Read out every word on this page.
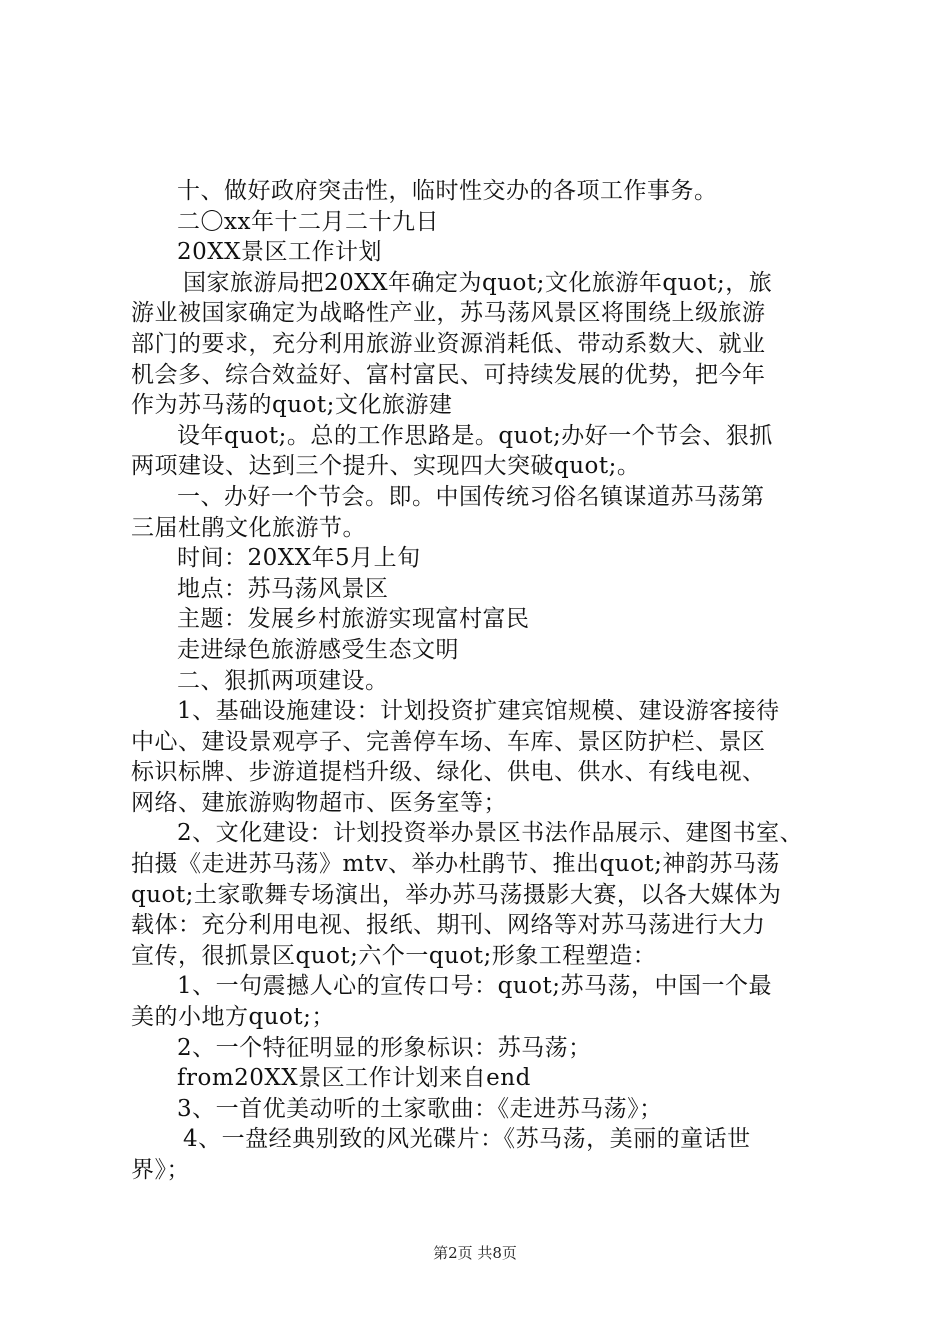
十、做好政府突击性，临时性交办的各项工作事务。
二〇xx年十二月二十九日
20XX景区工作计划
国家旅游局把20XX年确定为quot;文化旅游年quot;，旅
游业被国家确定为战略性产业，苏马荡风景区将围绕上级旅游
部门的要求，充分利用旅游业资源消耗低、带动系数大、就业
机会多、综合效益好、富村富民、可持续发展的优势，把今年
作为苏马荡的quot;文化旅游建
设年quot;。总的工作思路是。quot;办好一个节会、狠抓
两项建设、达到三个提升、实现四大突破quot;。
一、办好一个节会。即。中国传统习俗名镇谋道苏马荡第
三届杜鹃文化旅游节。
时间：20XX年5月上旬
地点：苏马荡风景区
主题：发展乡村旅游实现富村富民
走进绿色旅游感受生态文明
二、狠抓两项建设。
1、基础设施建设：计划投资扩建宾馆规模、建设游客接待
中心、建设景观亭子、完善停车场、车库、景区防护栏、景区
标识标牌、步游道提档升级、绿化、供电、供水、有线电视、
网络、建旅游购物超市、医务室等；
2、文化建设：计划投资举办景区书法作品展示、建图书室、
拍摄《走进苏马荡》mtv、举办杜鹃节、推出quot;神韵苏马荡
quot;土家歌舞专场演出，举办苏马荡摄影大赛，以各大媒体为
载体：充分利用电视、报纸、期刊、网络等对苏马荡进行大力
宣传，很抓景区quot;六个一quot;形象工程塑造：
1、一句震撼人心的宣传口号：quot;苏马荡，中国一个最
美的小地方quot;；
2、一个特征明显的形象标识：苏马荡；
from20XX景区工作计划来自end
3、一首优美动听的土家歌曲：《走进苏马荡》；
4、一盘经典别致的风光碟片：《苏马荡，美丽的童话世
界》；
第2页 共8页
